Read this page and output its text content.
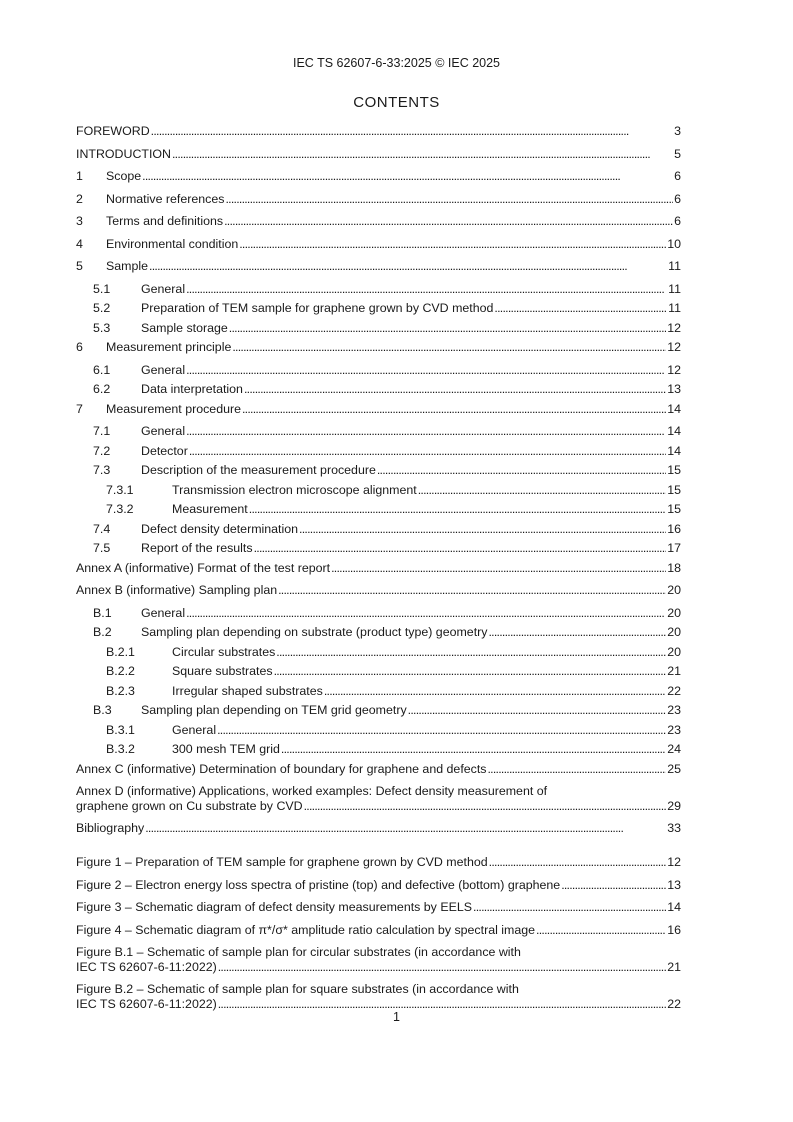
IEC TS 62607-6-33:2025 © IEC 2025
CONTENTS
FOREWORD . . .	3
INTRODUCTION . . .	5
1	Scope . . .	6
2	Normative references . . .	6
3	Terms and definitions . . .	6
4	Environmental condition . . .	10
5	Sample . . .	11
5.1	General . . .	11
5.2	Preparation of TEM sample for graphene grown by CVD method . . .	11
5.3	Sample storage . . .	12
6	Measurement principle . . .	12
6.1	General . . .	12
6.2	Data interpretation . . .	13
7	Measurement procedure . . .	14
7.1	General . . .	14
7.2	Detector . . .	14
7.3	Description of the measurement procedure . . .	15
7.3.1	Transmission electron microscope alignment . . .	15
7.3.2	Measurement . . .	15
7.4	Defect density determination . . .	16
7.5	Report of the results . . .	17
Annex A (informative) Format of the test report . . .	18
Annex B (informative) Sampling plan . . .	20
B.1	General . . .	20
B.2	Sampling plan depending on substrate (product type) geometry . . .	20
B.2.1	Circular substrates . . .	20
B.2.2	Square substrates . . .	21
B.2.3	Irregular shaped substrates . . .	22
B.3	Sampling plan depending on TEM grid geometry . . .	23
B.3.1	General . . .	23
B.3.2	300 mesh TEM grid . . .	24
Annex C (informative) Determination of boundary for graphene and defects . . .	25
Annex D (informative) Applications, worked examples: Defect density measurement of
graphene grown on Cu substrate by CVD . . .	29
Bibliography . . .	33
Figure 1 – Preparation of TEM sample for graphene grown by CVD method . . .	12
Figure 2 – Electron energy loss spectra of pristine (top) and defective (bottom) graphene . . .	13
Figure 3 – Schematic diagram of defect density measurements by EELS . . .	14
Figure 4 – Schematic diagram of π*/σ* amplitude ratio calculation by spectral image . . .	16
Figure B.1 – Schematic of sample plan for circular substrates (in accordance with
IEC TS 62607-6-11:2022) . . .	21
Figure B.2 – Schematic of sample plan for square substrates (in accordance with
IEC TS 62607-6-11:2022) . . .	22
1
